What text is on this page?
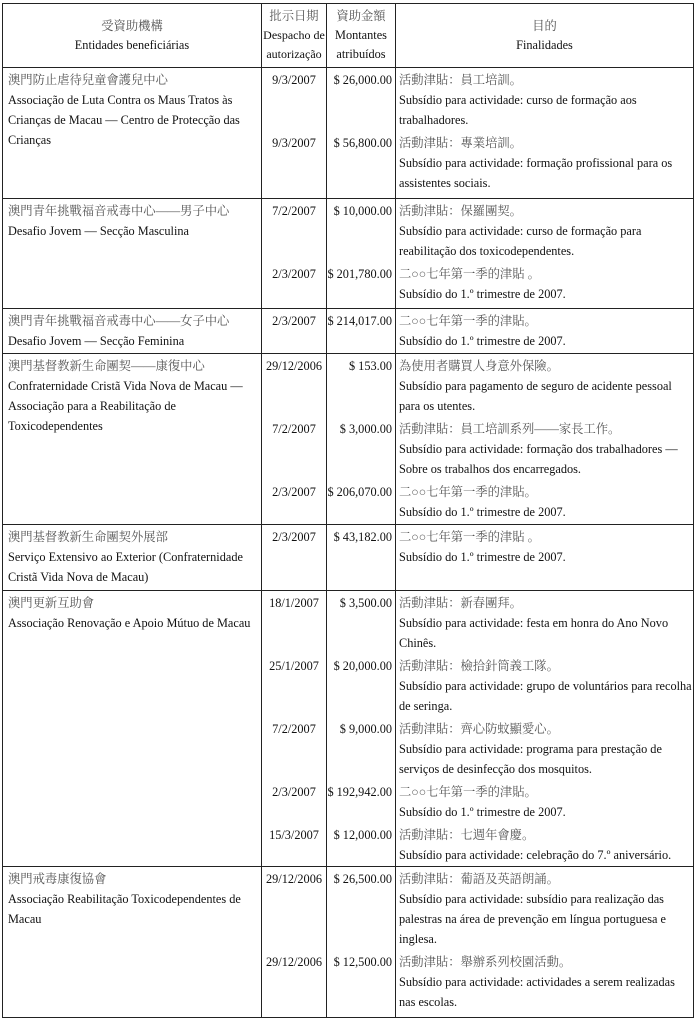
受資助機構
Entidades beneficiárias
批示日期
Despacho de autorização
資助金額
Montantes atribuídos
目的
Finalidades
澳門防止虐待兒童會護兒中心
Associação de Luta Contra os Maus Tratos às Crianças de Macau — Centro de Protecção das Crianças
9/3/2007	$ 26,000.00 活動津貼：員工培訓。
Subsídio para actividade: curso de formação aos trabalhadores.
9/3/2007	$ 56,800.00 活動津貼：專業培訓。
Subsídio para actividade: formação profissional para os assistentes sociais.
澳門青年挑戰福音戒毒中心——男子中心
Desafio Jovem — Secção Masculina
7/2/2007	$ 10,000.00 活動津貼：保羅團契。
Subsídio para actividade: curso de formação para reabilitação dos toxicodependentes.
2/3/2007 $ 201,780.00 二○○七年第一季的津貼 。
Subsídio do 1.º trimestre de 2007.
澳門青年挑戰福音戒毒中心——女子中心
Desafio Jovem — Secção Feminina
2/3/2007 $ 214,017.00 二○○七年第一季的津貼。
Subsídio do 1.º trimestre de 2007.
澳門基督教新生命團契——康復中心
Confraternidade Cristã Vida Nova de Macau — Associação para a Reabilitação de Toxicodependentes
29/12/2006	$ 153.00 為使用者購買人身意外保險。
Subsídio para pagamento de seguro de acidente pessoal para os utentes.
7/2/2007	$ 3,000.00 活動津貼：員工培訓系列——家長工作。
Subsídio para actividade: formação dos trabalhadores — Sobre os trabalhos dos encarregados.
2/3/2007 $ 206,070.00 二○○七年第一季的津貼。
Subsídio do 1.º trimestre de 2007.
澳門基督教新生命團契外展部
Serviço Extensivo ao Exterior (Confraternidade Cristã Vida Nova de Macau)
2/3/2007	$ 43,182.00 二○○七年第一季的津貼 。
Subsídio do 1.º trimestre de 2007.
澳門更新互助會
Associação Renovação e Apoio Mútuo de Macau
18/1/2007	$ 3,500.00 活動津貼：新春團拜。
Subsídio para actividade: festa em honra do Ano Novo Chinês.
25/1/2007	$ 20,000.00 活動津貼：檢拾針筒義工隊。
Subsídio para actividade: grupo de voluntários para recolha de seringa.
7/2/2007	$ 9,000.00 活動津貼：齊心防蚊顯愛心。
Subsídio para actividade: programa para prestação de serviços de desinfecção dos mosquitos.
2/3/2007 $ 192,942.00 二○○七年第一季的津貼。
Subsídio do 1.º trimestre de 2007.
15/3/2007	$ 12,000.00 活動津貼：七週年會慶。
Subsídio para actividade: celebração do 7.º aniversário.
澳門戒毒康復協會
Associação Reabilitação Toxicodependentes de Macau
29/12/2006 $ 26,500.00 活動津貼：葡語及英語朗誦。
Subsídio para actividade: subsídio para realização das palestras na área de prevenção em língua portuguesa e inglesa.
29/12/2006 $ 12,500.00 活動津貼：舉辦系列校園活動。
Subsídio para actividade: actividades a serem realizadas nas escolas.
